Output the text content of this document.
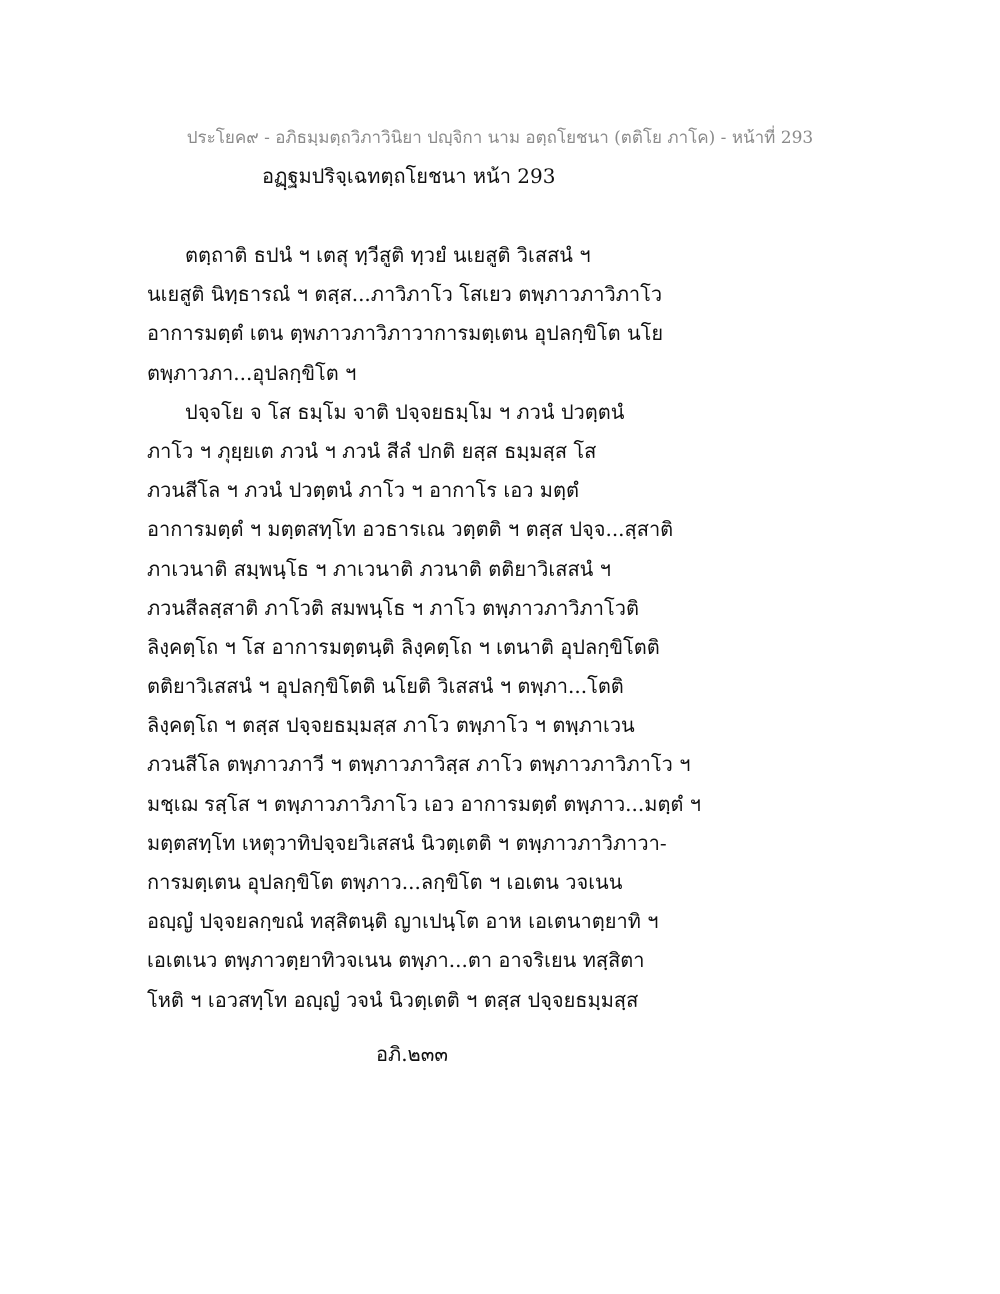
ประโยค๙ - อภิธมฺมตฺถวิภาวินิยา ปญฺจิกา นาม อตฺถโยชนา (ตติโย ภาโค) - หน้าที่ 293
อฏฺฐมปริจฺเฉทตฺถโยชนา หน้า 293
ตตฺถาติ ธปนํ ฯ เตสุ ทฺวีสูติ ทฺวยํ นเยสูติ วิเสสนํ ฯ
นเยสูติ นิทฺธารณํ ฯ ตสฺส...ภาวิภาโว โสเยว ตพฺภาวภาวิภาโว
อาการมตฺตํ เตน ตฺพภาวภาวิภาวาการมตฺเตน อุปลกฺขิโต นโย
ตพฺภาวภา...อุปลกฺขิโต ฯ
ปจฺจโย จ โส ธมฺโม จาติ ปจฺจยธมฺโม ฯ ภวนํ ปวตฺตนํ
ภาโว ฯ ภุยฺยเต ภวนํ ฯ ภวนํ สีลํ ปกติ ยสฺส ธมฺมสฺส โส
ภวนสีโล ฯ ภวนํ ปวตฺตนํ ภาโว ฯ อากาโร เอว มตฺตํ
อาการมตฺตํ ฯ มตฺตสทฺโท อวธารเณ วตฺตติ ฯ ตสฺส ปจฺจ...สฺสาติ
ภาเวนาติ สมฺพนฺโธ ฯ ภาเวนาติ ภวนาติ ตติยาวิเสสนํ ฯ
ภวนสีลสฺสาติ ภาโวติ สมพนฺโธ ฯ ภาโว ตพฺภาวภาวิภาโวติ
ลิงฺคตฺโถ ฯ โส อาการมตฺตนฺติ ลิงฺคตฺโถ ฯ เตนาติ อุปลกฺขิโตติ
ตติยาวิเสสนํ ฯ อุปลกฺขิโตติ นโยติ วิเสสนํ ฯ ตพฺภา...โตติ
ลิงฺคตฺโถ ฯ ตสฺส ปจฺจยธมฺมสฺส ภาโว ตพฺภาโว ฯ ตพฺภาเวน
ภวนสีโล ตพฺภาวภาวี ฯ ตพฺภาวภาวิสฺส ภาโว ตพฺภาวภาวิภาโว ฯ
มชฺเฌ รสฺโส ฯ ตพฺภาวภาวิภาโว เอว อาการมตฺตํ ตพฺภาว...มตฺตํ ฯ
มตฺตสทฺโท เหตุวาทิปจฺจยวิเสสนํ นิวตฺเตติ ฯ ตพฺภาวภาวิภาวา-
การมตฺเตน อุปลกฺขิโต ตพฺภาว...ลกฺขิโต ฯ เอเตน วจเนน
อญฺญํ ปจฺจยลกฺขณํ ทสฺสิตนฺติ ญาเปนฺโต อาห เอเตนาตฺยาทิ ฯ
เอเตเนว ตพฺภาวตฺยาทิวจเนน ตพฺภา...ตา อาจริเยน ทสฺสิตา
โหติ ฯ เอวสทฺโท อญฺญํ วจนํ นิวตฺเตติ ฯ ตสฺส ปจฺจยธมฺมสฺส
อภิ.๒๓๓
